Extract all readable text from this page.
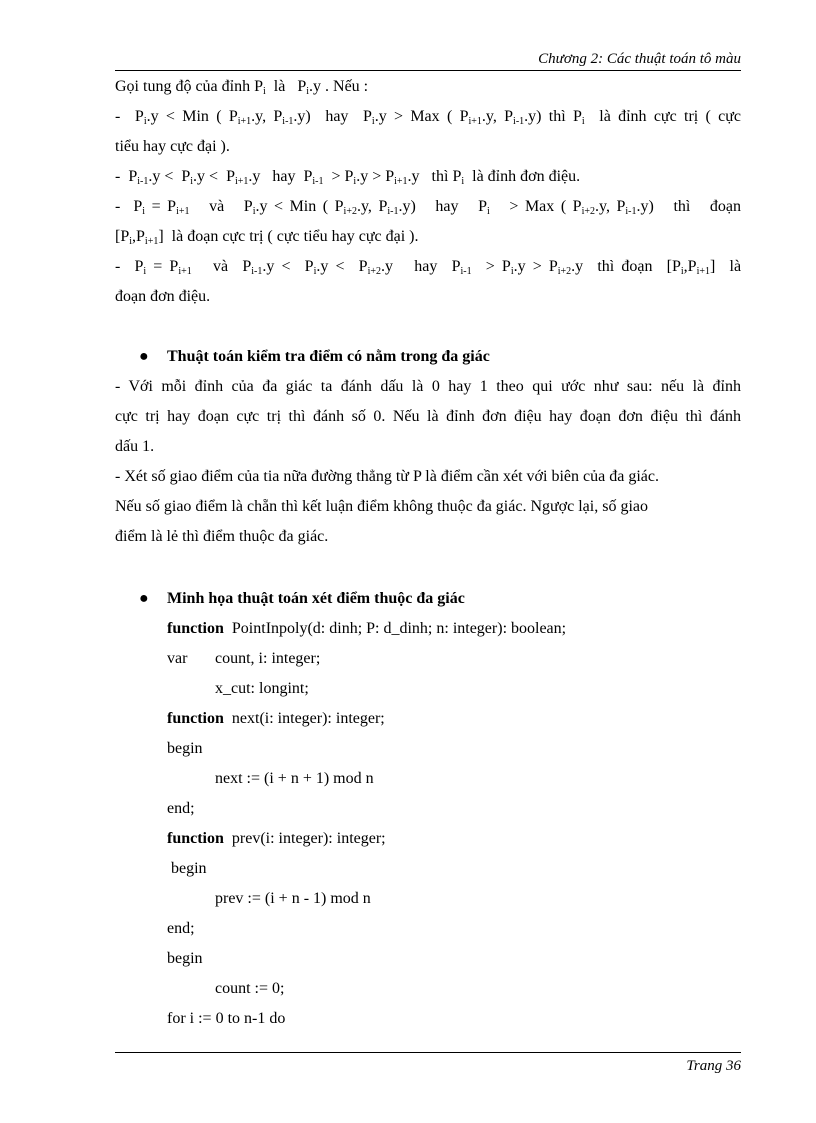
Chương 2: Các thuật toán tô màu
Gọi tung độ của đỉnh $P_i$  là   $P_i.y$ . Nếu :
-  $P_i.y$ < Min ( $P_{i+1}.y$, $P_{i-1}.y$)  hay  $P_i.y$ > Max ( $P_{i+1}.y$, $P_{i-1}.y$) thì $P_i$  là đỉnh cực trị ( cực
tiểu hay cực đại ).
-  $P_{i-1}.y < P_i.y < P_{i+1}.y$   hay  $P_{i-1} > P_i.y > P_{i+1}.y$   thì $P_i$  là đỉnh đơn điệu.
-  $P_i = P_{i+1}$   và   $P_i.y$ < Min ( $P_{i+2}.y$, $P_{i-1}.y$)   hay   $P_i$   > Max ( $P_{i+2}.y$, $P_{i-1}.y$)   thì   đoạn
$[P_i,P_{i+1}]$  là đoạn cực trị ( cực tiểu hay cực đại ).
-  $P_i = P_{i+1}$   và  $P_{i-1}.y < P_i.y < P_{i+2}.y$   hay  $P_{i-1} > P_i.y > P_{i+2}.y$  thì đoạn  $[P_i,P_{i+1}]$  là
đoạn đơn điệu.
● Thuật toán kiểm tra điểm có nằm trong đa giác
- Với mỗi đỉnh của đa giác ta đánh dấu là 0 hay 1 theo qui ước như sau: nếu là đỉnh
cực trị hay đoạn cực trị thì đánh số 0. Nếu là đỉnh đơn điệu hay đoạn đơn điệu thì đánh
dấu 1.
- Xét số giao điểm của tia nữa đường thẳng từ P là điểm cần xét với biên của đa giác.
Nếu số giao điểm là chẵn thì kết luận điểm không thuộc đa giác. Ngược lại, số giao
điểm là lẻ thì điểm thuộc đa giác.
● Minh họa thuật toán xét điểm thuộc đa giác
function PointInpoly(d: dinh; P: d_dinh; n: integer): boolean;
var count, i: integer;
x_cut: longint;
function next(i: integer): integer;
begin
next := (i + n + 1) mod n
end;
function prev(i: integer): integer;
begin
prev := (i + n - 1) mod n
end;
begin
count := 0;
for i := 0 to n-1 do
Trang 36
